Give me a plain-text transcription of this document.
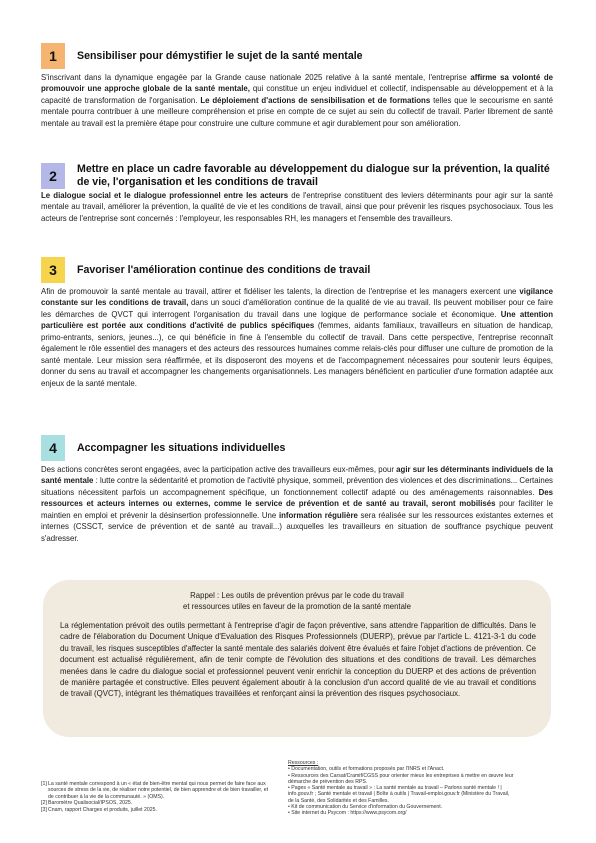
1	Sensibiliser pour démystifier le sujet de la santé mentale

S'inscrivant dans la dynamique engagée par la Grande cause nationale 2025 relative à la santé mentale, l'entreprise affirme sa volonté de promouvoir une approche globale de la santé mentale, qui constitue un enjeu individuel et collectif, indispensable au développement et à la capacité de transformation de l'organisation. Le déploiement d'actions de sensibilisation et de formations telles que le secourisme en santé mentale pourra contribuer à une meilleure compréhension et prise en compte de ce sujet au sein du collectif de travail. Parler librement de santé mentale au travail est la première étape pour construire une culture commune et agir durablement pour son amélioration.

2	Mettre en place un cadre favorable au développement du dialogue sur la prévention, la qualité de vie, l'organisation et les conditions de travail

Le dialogue social et le dialogue professionnel entre les acteurs de l'entreprise constituent des leviers déterminants pour agir sur la santé mentale au travail, améliorer la prévention, la qualité de vie et les conditions de travail, ainsi que pour prévenir les risques psychosociaux. Tous les acteurs de l'entreprise sont concernés : l'employeur, les responsables RH, les managers et l'ensemble des travailleurs.

3	Favoriser l'amélioration continue des conditions de travail

Afin de promouvoir la santé mentale au travail, attirer et fidéliser les talents, la direction de l'entreprise et les managers exercent une vigilance constante sur les conditions de travail, dans un souci d'amélioration continue de la qualité de vie au travail. Ils peuvent mobiliser pour ce faire les démarches de QVCT qui interrogent l'organisation du travail dans une logique de performance sociale et économique. Une attention particulière est portée aux conditions d'activité de publics spécifiques (femmes, aidants familiaux, travailleurs en situation de handicap, primo-entrants, seniors, jeunes...), ce qui bénéficie in fine à l'ensemble du collectif de travail. Dans cette perspective, l'entreprise reconnaît également le rôle essentiel des managers et des acteurs des ressources humaines comme relais-clés pour diffuser une culture de promotion de la santé mentale. Leur mission sera réaffirmée, et ils disposeront des moyens et de l'accompagnement nécessaires pour soutenir leurs équipes, donner du sens au travail et accompagner les changements organisationnels. Les managers bénéficient en particulier d'une formation adaptée aux enjeux de la santé mentale.

4	Accompagner les situations individuelles

Des actions concrètes seront engagées, avec la participation active des travailleurs eux-mêmes, pour agir sur les déterminants individuels de la santé mentale : lutte contre la sédentarité et promotion de l'activité physique, sommeil, prévention des violences et des discriminations... Certaines situations nécessitent parfois un accompagnement spécifique, un fonctionnement collectif adapté ou des aménagements raisonnables. Des ressources et acteurs internes ou externes, comme le service de prévention et de santé au travail, seront mobilisés pour faciliter le maintien en emploi et prévenir la désinsertion professionnelle. Une information régulière sera réalisée sur les ressources existantes externes et internes (CSSCT, service de prévention et de santé au travail...) auxquelles les travailleurs en situation de souffrance psychique peuvent s'adresser.

Rappel : Les outils de prévention prévus par le code du travail
et ressources utiles en faveur de la promotion de la santé mentale

La réglementation prévoit des outils permettant à l'entreprise d'agir de façon préventive, sans attendre l'apparition de difficultés. Dans le cadre de l'élaboration du Document Unique d'Evaluation des Risques Professionnels (DUERP), prévue par l'article L. 4121-3-1 du code du travail, les risques susceptibles d'affecter la santé mentale des salariés doivent être évalués et faire l'objet d'actions de prévention. Ce document est actualisé régulièrement, afin de tenir compte de l'évolution des situations et des conditions de travail. Les démarches menées dans le cadre du dialogue social et professionnel peuvent venir enrichir la conception du DUERP et des actions de prévention de manière partagée et constructive. Elles peuvent également aboutir à la conclusion d'un accord qualité de vie au travail et conditions de travail (QVCT), intégrant les thématiques travaillées et renforçant ainsi la prévention des risques psychosociaux.

[1] La santé mentale correspond à un « état de bien-être mental qui nous permet de faire face aux sources de stress de la vie, de réaliser notre potentiel, de bien apprendre et de bien travailler, et de contribuer à la vie de la communauté. » (OMS).
[2] Baromètre Qualisocial/IPSOS, 2025.
[3] Cnam, rapport Charges et produits, juillet 2025.
Ressources :
• Documentation, outils et formations proposés par l'INRS et l'Anact.
• Ressources des Carsat/Cramif/CGSS pour orienter mieux les entreprises à mettre en œuvre leur démarche de prévention des RPS.
• Pages « Santé mentale au travail » : La santé mentale au travail – Parlons santé mentale ! | info.gouv.fr ; Santé mentale et travail | Boîte à outils | Travail-emploi.gouv.fr (Ministère du Travail, de la Santé, des Solidarités et des Familles.
• Kit de communication du Service d'information du Gouvernement.
• Site internet du Psycom : https://www.psycom.org/
